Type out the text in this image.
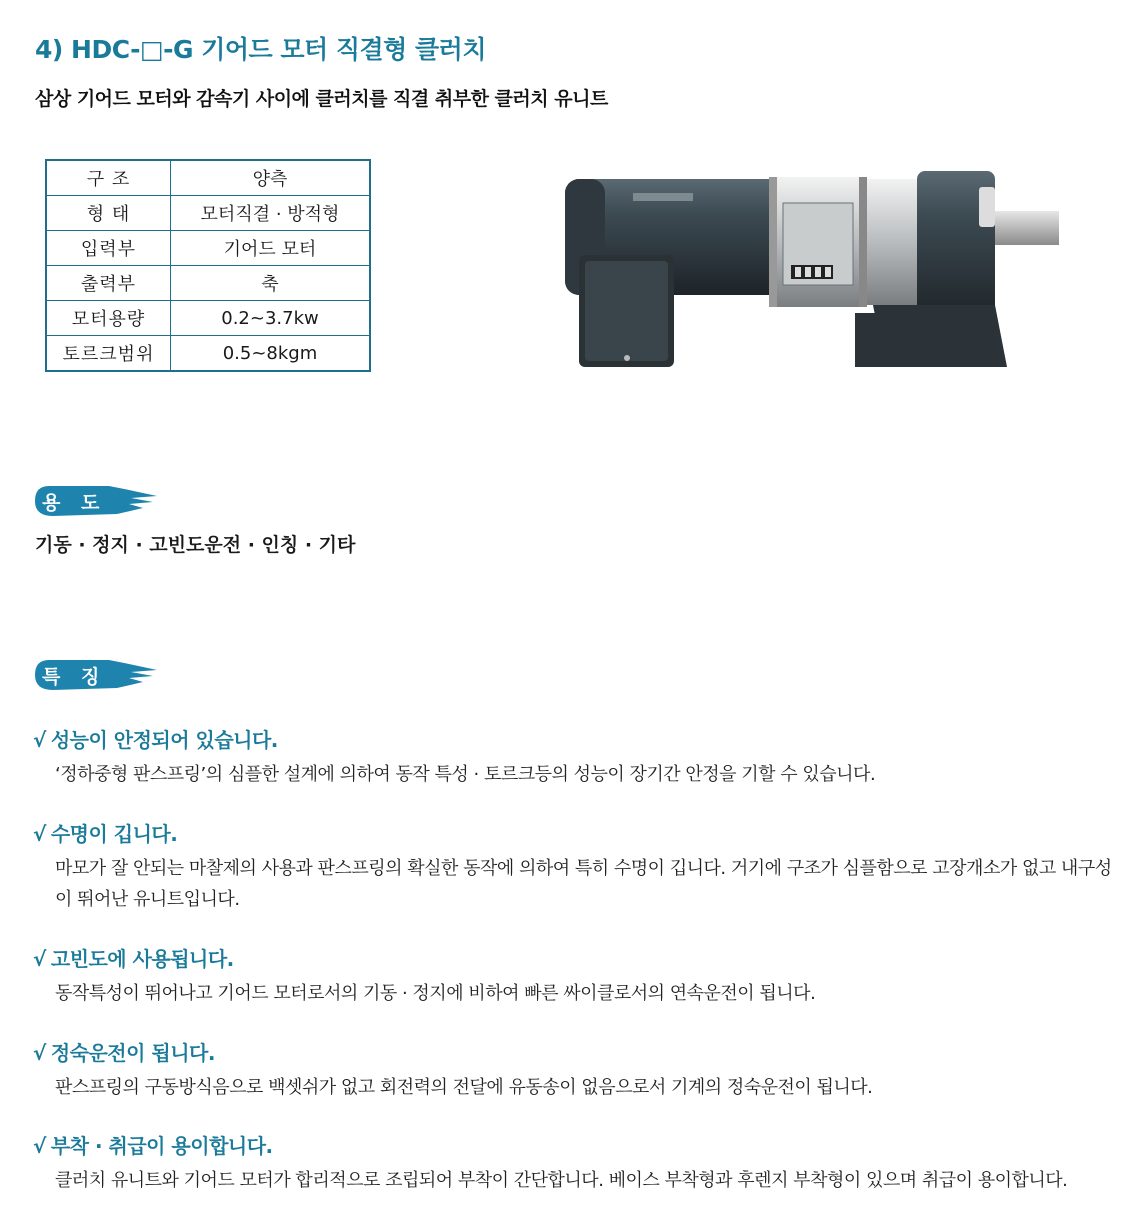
4) HDC-□-G 기어드 모터 직결형 클러치

삼상 기어드 모터와 감속기 사이에 클러치를 직결 취부한 클러치 유니트

구 조	양측
형 태	모터직결 · 방적형
입력부	기어드 모터
출력부	축
모터용량	0.2~3.7kw
토르크범위	0.5~8kgm
용 도

기동 · 정지 · 고빈도운전 · 인칭 · 기타

특 징

√ 성능이 안정되어 있습니다.

‘정하중형 판스프링’의 심플한 설계에 의하여 동작 특성 · 토르크등의 성능이 장기간 안정을 기할 수 있습니다.

√ 수명이 깁니다.

마모가 잘 안되는 마찰제의 사용과 판스프링의 확실한 동작에 의하여 특히 수명이 깁니다. 거기에 구조가 심플함으로 고장개소가 없고 내구성이 뛰어난 유니트입니다.

√ 고빈도에 사용됩니다.

동작특성이 뛰어나고 기어드 모터로서의 기동 · 정지에 비하여 빠른 싸이클로서의 연속운전이 됩니다.

√ 정숙운전이 됩니다.

판스프링의 구동방식음으로 백셋쉬가 없고 회전력의 전달에 유동송이 없음으로서 기계의 정숙운전이 됩니다.

√ 부착 · 취급이 용이합니다.

클러치 유니트와 기어드 모터가 합리적으로 조립되어 부착이 간단합니다. 베이스 부착형과 후렌지 부착형이 있으며 취급이 용이합니다.
